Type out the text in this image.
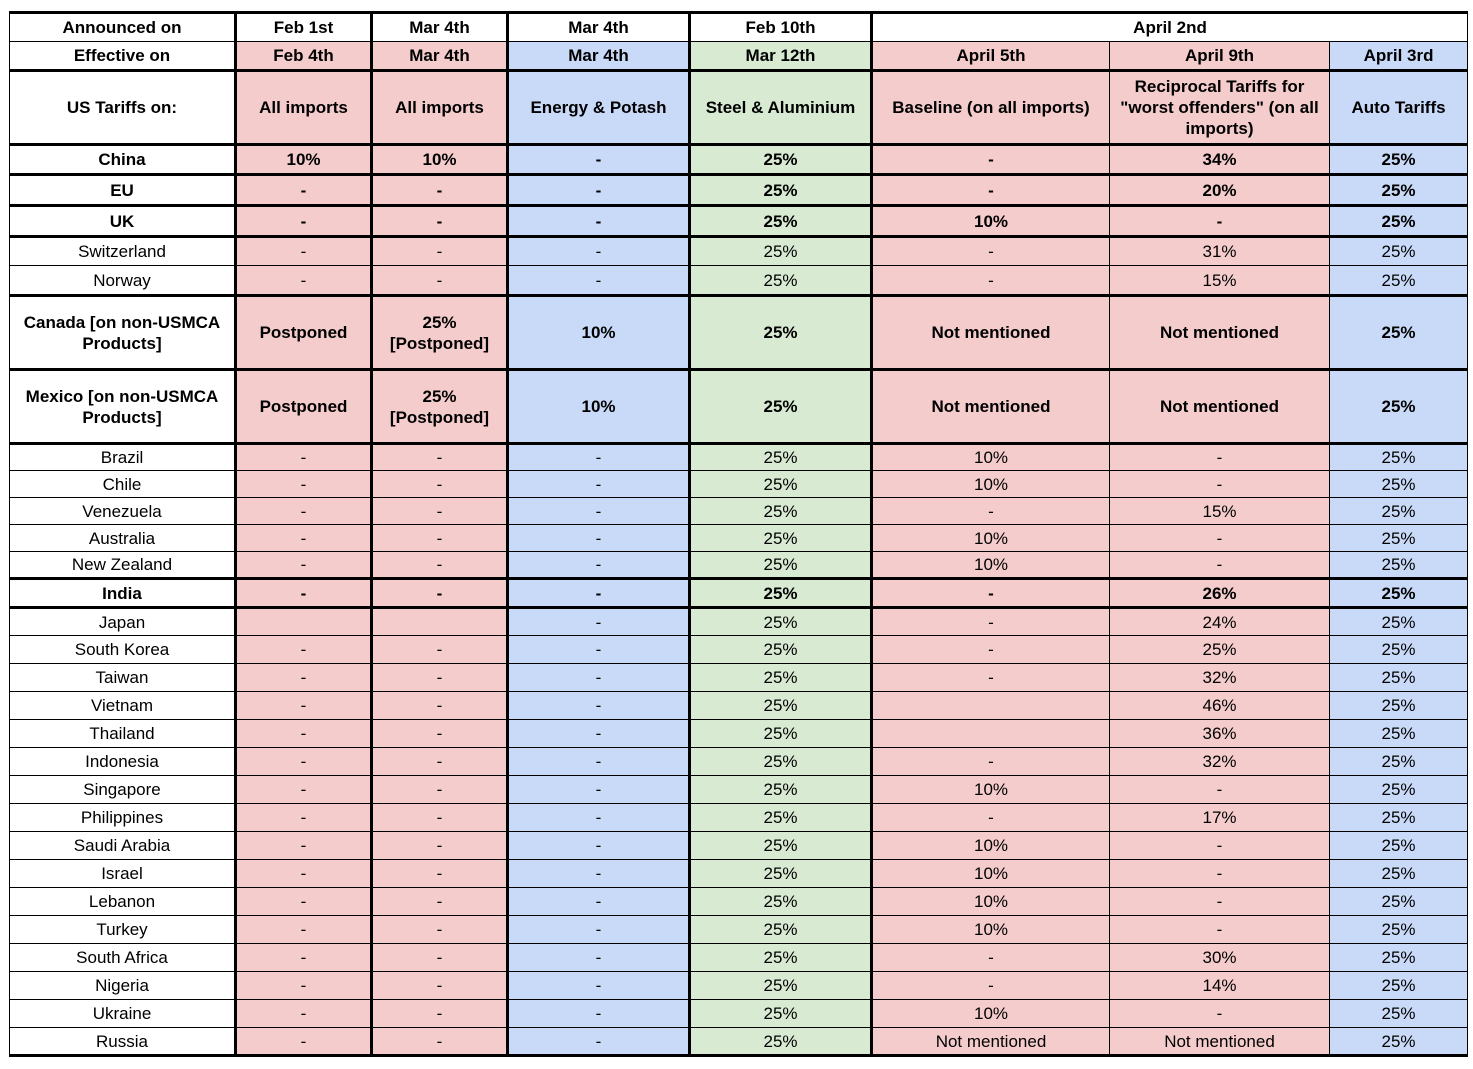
Announced on	Feb 1st	Mar 4th	Mar 4th	Feb 10th	April 2nd		
Effective on	Feb 4th	Mar 4th	Mar 4th	Mar 12th	April 5th	April 9th	April 3rd
US Tariffs on:	All imports	All imports	Energy & Potash	Steel & Aluminium	Baseline (on all imports)	Reciprocal Tariffs for "worst offenders" (on all imports)	Auto Tariffs
China	10%	10%	-	25%	-	34%	25%
EU	-	-	-	25%	-	20%	25%
UK	-	-	-	25%	10%	-	25%
Switzerland	-	-	-	25%	-	31%	25%
Norway	-	-	-	25%	-	15%	25%
Canada [on non-USMCA Products]	Postponed	25% [Postponed]	10%	25%	Not mentioned	Not mentioned	25%
Mexico [on non-USMCA Products]	Postponed	25% [Postponed]	10%	25%	Not mentioned	Not mentioned	25%
Brazil	-	-	-	25%	10%	-	25%
Chile	-	-	-	25%	10%	-	25%
Venezuela	-	-	-	25%	-	15%	25%
Australia	-	-	-	25%	10%	-	25%
New Zealand	-	-	-	25%	10%	-	25%
India	-	-	-	25%	-	26%	25%
Japan			-	25%	-	24%	25%
South Korea	-	-	-	25%	-	25%	25%
Taiwan	-	-	-	25%	-	32%	25%
Vietnam	-	-	-	25%		46%	25%
Thailand	-	-	-	25%		36%	25%
Indonesia	-	-	-	25%	-	32%	25%
Singapore	-	-	-	25%	10%	-	25%
Philippines	-	-	-	25%	-	17%	25%
Saudi Arabia	-	-	-	25%	10%	-	25%
Israel	-	-	-	25%	10%	-	25%
Lebanon	-	-	-	25%	10%	-	25%
Turkey	-	-	-	25%	10%	-	25%
South Africa	-	-	-	25%	-	30%	25%
Nigeria	-	-	-	25%	-	14%	25%
Ukraine	-	-	-	25%	10%	-	25%
Russia	-	-	-	25%	Not mentioned	Not mentioned	25%
